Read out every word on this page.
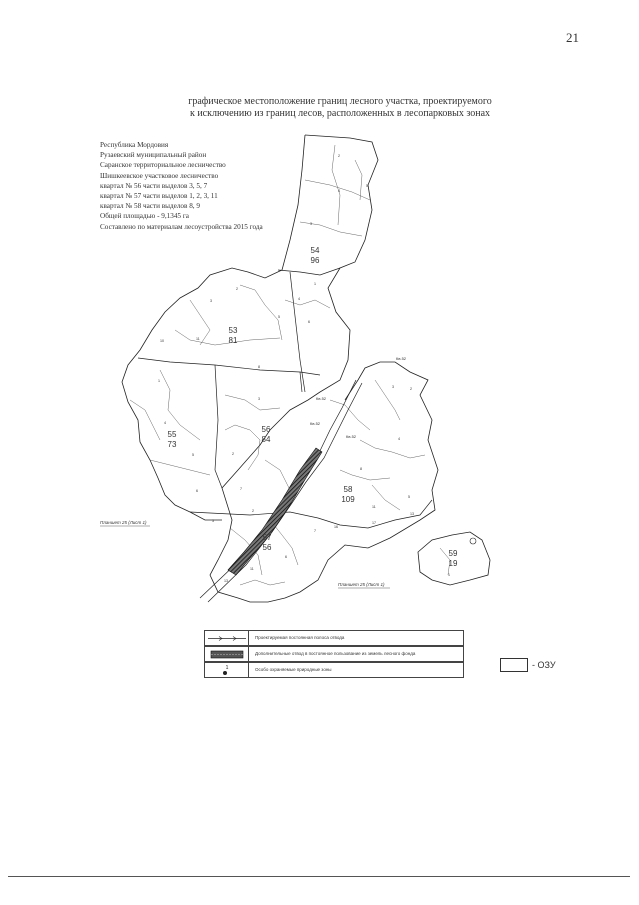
21
графическое местоположение границ лесного участка, проектируемого
к исключению из границ лесов, расположенных в лесопарковых зонах
Республика Мордовия
Рузаевский муниципальный район
Саранское территориальное лесничество
Шишкеевское участковое лесничество
квартал № 56 части выделов 3, 5, 7
квартал № 57 части выделов 1, 2, 3, 11
квартал № 58 части выделов 8, 9
Общей площадью - 9,1345 га
Составлено по материалам лесоустройства 2015 года
54
96
53
81
55
73
56
84
58
109
57
56
59
19
Кв.52
Кв.52
Кв.52
Кв.52
Планшет 25 (Лист 1)
Планшет 25 (Лист 1)
2
4
5
3
1
4
5
6
2
3
11
10
8
1
4
5
6	7
3
2
8
3	2
4
5
11
13
7
16
17
11
13
6
2
3
1
Проектируемая постоянная полоса отвода
Дополнительные отвод в постоянное пользование из земель лесного фонда
1	Особо охраняемые природные зоны	- ОЗУ
